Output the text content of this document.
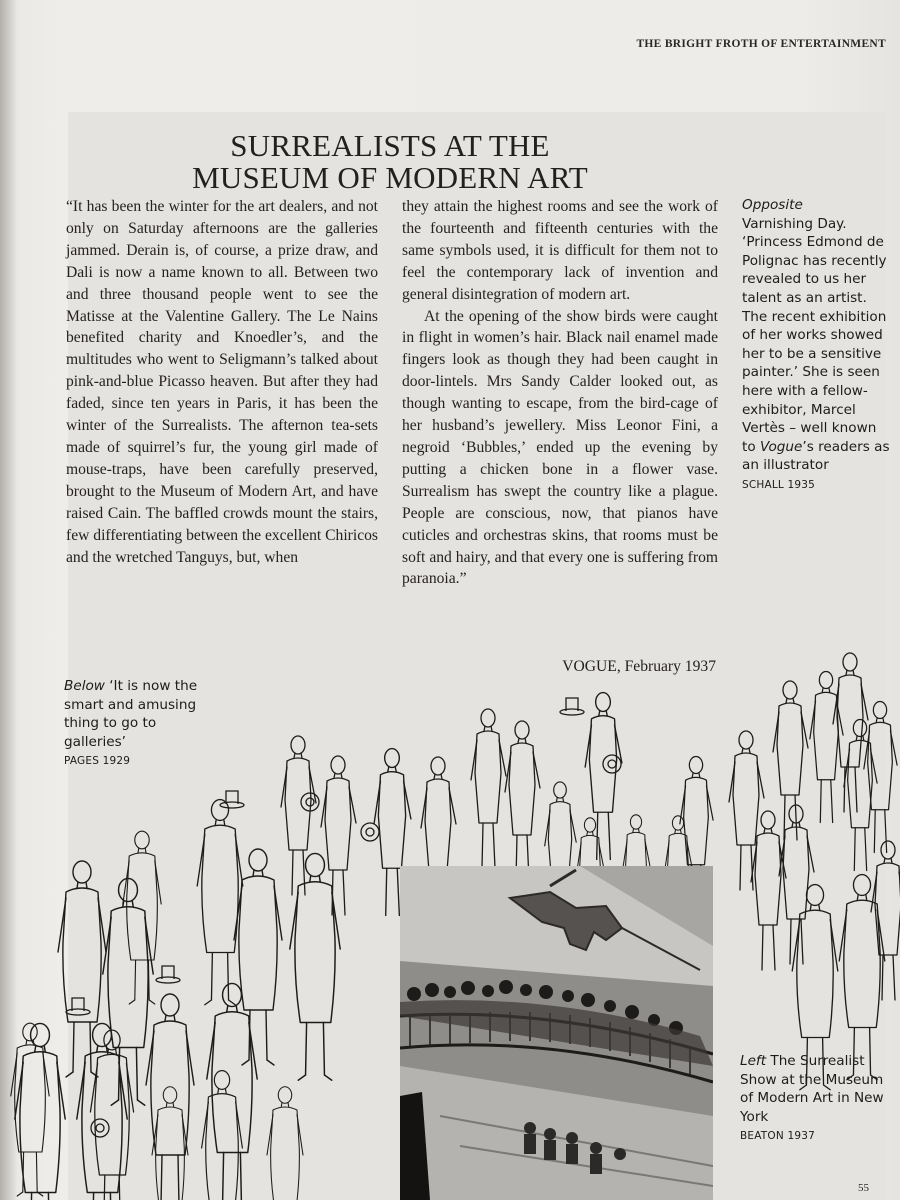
THE BRIGHT FROTH OF ENTERTAINMENT
SURREALISTS AT THE
MUSEUM OF MODERN ART

“It has been the winter for the art dealers, and not only on Saturday afternoons are the galleries jammed. Derain is, of course, a prize draw, and Dali is now a name known to all. Between two and three thousand people went to see the Matisse at the Valentine Gallery. The Le Nains benefited charity and Knoedler’s, and the multitudes who went to Seligmann’s talked about pink-and-blue Picasso heaven. But after they had faded, since ten years in Paris, it has been the winter of the Surrealists. The afternon tea-sets made of squirrel’s fur, the young girl made of mouse-traps, have been carefully preserved, brought to the Museum of Modern Art, and have raised Cain. The baffled crowds mount the stairs, few differentiating between the excellent Chiricos and the wretched Tanguys, but, when

they attain the highest rooms and see the work of the fourteenth and fifteenth centuries with the same symbols used, it is difficult for them not to feel the contemporary lack of invention and general disintegration of modern art.

At the opening of the show birds were caught in flight in women’s hair. Black nail enamel made fingers look as though they had been caught in door-lintels. Mrs Sandy Calder looked out, as though wanting to escape, from the bird-cage of her husband’s jewellery. Miss Leonor Fini, a negroid ‘Bubbles,’ ended up the evening by putting a chicken bone in a flower vase. Surrealism has swept the country like a plague. People are conscious, now, that pianos have cuticles and orchestras skins, that rooms must be soft and hairy, and that every one is suffering from paranoia.”

VOGUE, February 1937
Opposite
Varnishing Day. ‘Princess Edmond de Polignac has recently revealed to us her talent as an artist. The recent exhibition of her works showed her to be a sensitive painter.’ She is seen here with a fellow-exhibitor, Marcel Vertès – well known to Vogue’s readers as an illustrator
SCHALL 1935
Below ‘It is now the smart and amusing thing to go to galleries’
PAGES 1929
Left The Surrealist Show at the Museum of Modern Art in New York
BEATON 1937
55
